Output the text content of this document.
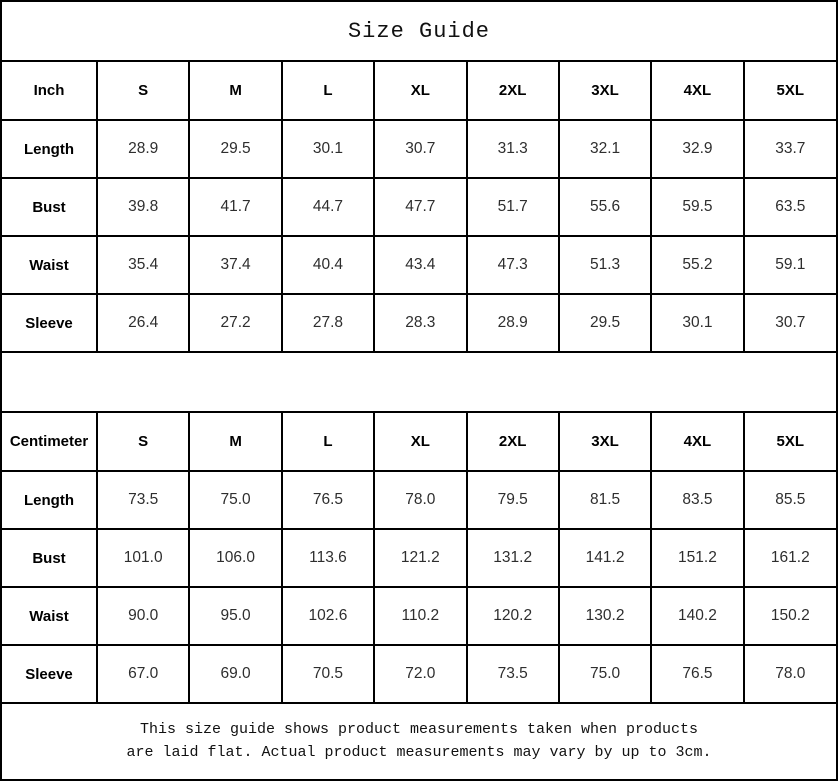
Size Guide
Inch	S	M	L	XL	2XL	3XL	4XL	5XL
Length	28.9	29.5	30.1	30.7	31.3	32.1	32.9	33.7
Bust	39.8	41.7	44.7	47.7	51.7	55.6	59.5	63.5
Waist	35.4	37.4	40.4	43.4	47.3	51.3	55.2	59.1
Sleeve	26.4	27.2	27.8	28.3	28.9	29.5	30.1	30.7
Centimeter	S	M	L	XL	2XL	3XL	4XL	5XL
Length	73.5	75.0	76.5	78.0	79.5	81.5	83.5	85.5
Bust	101.0	106.0	113.6	121.2	131.2	141.2	151.2	161.2
Waist	90.0	95.0	102.6	110.2	120.2	130.2	140.2	150.2
Sleeve	67.0	69.0	70.5	72.0	73.5	75.0	76.5	78.0
This size guide shows product measurements taken when products
are laid flat. Actual product measurements may vary by up to 3cm.
